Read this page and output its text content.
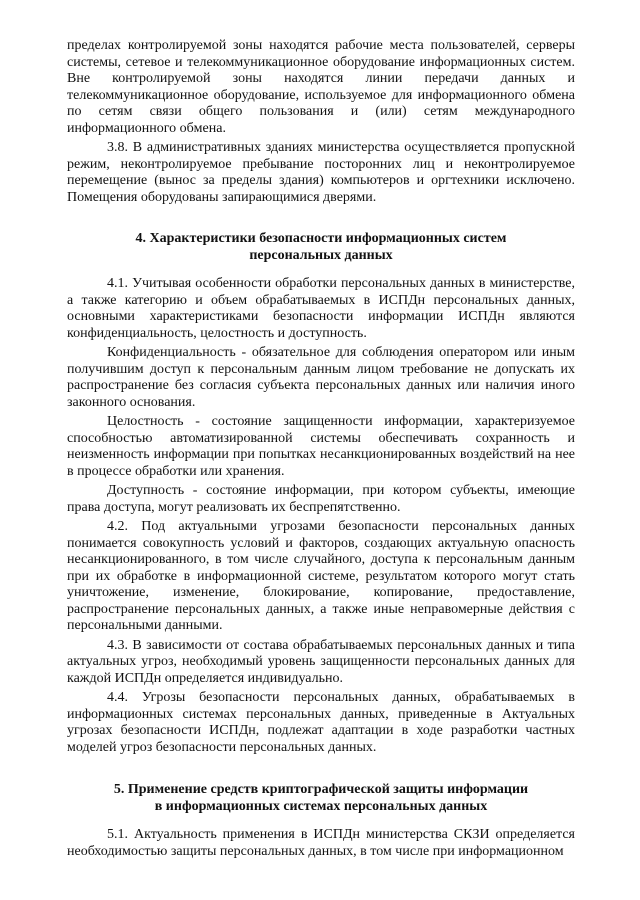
пределах контролируемой зоны находятся рабочие места пользователей, серверы системы, сетевое и телекоммуникационное оборудование информационных систем. Вне контролируемой зоны находятся линии передачи данных и телекоммуникационное оборудование, используемое для информационного обмена по сетям связи общего пользования и (или) сетям международного информационного обмена.

3.8. В административных зданиях министерства осуществляется пропускной режим, неконтролируемое пребывание посторонних лиц и неконтролируемое перемещение (вынос за пределы здания) компьютеров и оргтехники исключено. Помещения оборудованы запирающимися дверями.

4. Характеристики безопасности информационных систем
персональных данных

4.1. Учитывая особенности обработки персональных данных в министерстве, а также категорию и объем обрабатываемых в ИСПДн персональных данных, основными характеристиками безопасности информации ИСПДн являются конфиденциальность, целостность и доступность.

Конфиденциальность - обязательное для соблюдения оператором или иным получившим доступ к персональным данным лицом требование не допускать их распространение без согласия субъекта персональных данных или наличия иного законного основания.

Целостность - состояние защищенности информации, характеризуемое способностью автоматизированной системы обеспечивать сохранность и неизменность информации при попытках несанкционированных воздействий на нее в процессе обработки или хранения.

Доступность - состояние информации, при котором субъекты, имеющие права доступа, могут реализовать их беспрепятственно.

4.2. Под актуальными угрозами безопасности персональных данных понимается совокупность условий и факторов, создающих актуальную опасность несанкционированного, в том числе случайного, доступа к персональным данным при их обработке в информационной системе, результатом которого могут стать уничтожение, изменение, блокирование, копирование, предоставление, распространение персональных данных, а также иные неправомерные действия с персональными данными.

4.3. В зависимости от состава обрабатываемых персональных данных и типа актуальных угроз, необходимый уровень защищенности персональных данных для каждой ИСПДн определяется индивидуально.

4.4. Угрозы безопасности персональных данных, обрабатываемых в информационных системах персональных данных, приведенные в Актуальных угрозах безопасности ИСПДн, подлежат адаптации в ходе разработки частных моделей угроз безопасности персональных данных.

5. Применение средств криптографической защиты информации
в информационных системах персональных данных

5.1. Актуальность применения в ИСПДн министерства СКЗИ определяется необходимостью защиты персональных данных, в том числе при информационном
